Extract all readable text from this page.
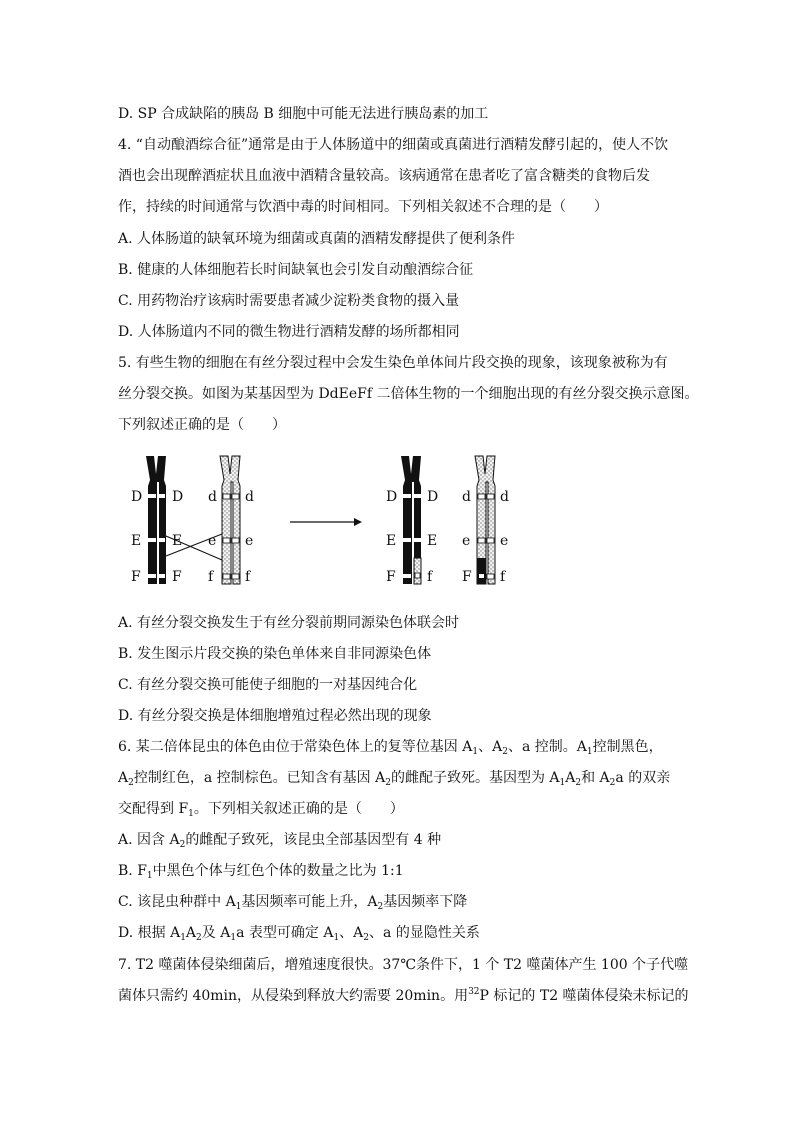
D. SP 合成缺陷的胰岛 B 细胞中可能无法进行胰岛素的加工
4. “自动酿酒综合征”通常是由于人体肠道中的细菌或真菌进行酒精发酵引起的，使人不饮
酒也会出现醉酒症状且血液中酒精含量较高。该病通常在患者吃了富含糖类的食物后发
作，持续的时间通常与饮酒中毒的时间相同。下列相关叙述不合理的是（　　）
A. 人体肠道的缺氧环境为细菌或真菌的酒精发酵提供了便利条件
B. 健康的人体细胞若长时间缺氧也会引发自动酿酒综合征
C. 用药物治疗该病时需要患者减少淀粉类食物的摄入量
D. 人体肠道内不同的微生物进行酒精发酵的场所都相同
5. 有些生物的细胞在有丝分裂过程中会发生染色单体间片段交换的现象，该现象被称为有
丝分裂交换。如图为某基因型为 DdEeFf 二倍体生物的一个细胞出现的有丝分裂交换示意图。
下列叙述正确的是（　　）
D
E
F
D
E
F
d
e
f
d
e
f
D
E
F
D
E
f
d
e
F
d
e
f
A. 有丝分裂交换发生于有丝分裂前期同源染色体联会时
B. 发生图示片段交换的染色单体来自非同源染色体
C. 有丝分裂交换可能使子细胞的一对基因纯合化
D. 有丝分裂交换是体细胞增殖过程必然出现的现象
6. 某二倍体昆虫的体色由位于常染色体上的复等位基因 $A_1$、$A_2$、a 控制。$A_1$控制黑色，
$A_2$控制红色，a 控制棕色。已知含有基因 $A_2$的雌配子致死。基因型为 $A_1A_2$和 $A_2a$ 的双亲
交配得到 $F_1$。下列相关叙述正确的是（　　）
A. 因含 $A_2$的雌配子致死，该昆虫全部基因型有 4 种
B. $F_1$中黑色个体与红色个体的数量之比为 1:1
C. 该昆虫种群中 $A_1$基因频率可能上升，$A_2$基因频率下降
D. 根据 $A_1A_2$及 $A_1a$ 表型可确定 $A_1$、$A_2$、a 的显隐性关系
7. T2 噬菌体侵染细菌后，增殖速度很快。37℃条件下，1 个 T2 噬菌体产生 100 个子代噬
菌体只需约 40min，从侵染到释放大约需要 20min。用$^{32}$P 标记的 T2 噬菌体侵染未标记的
